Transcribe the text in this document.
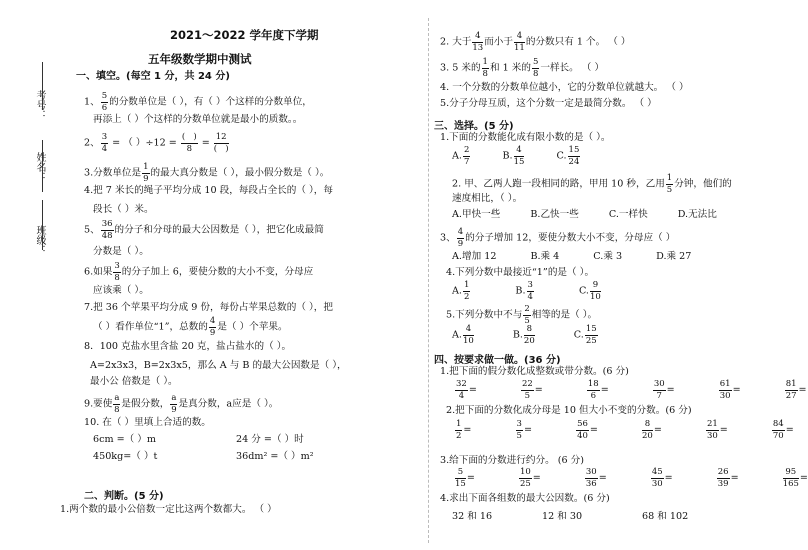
考号：
姓名：
班级：
2021～2022 学年度下学期
五年级数学期中测试
一、填空。(每空 1 分，共 24 分)
1、 $\frac{5}{6}$ 的分数单位是（ ），有（ ）个这样的分数单位，
再添上（ ）个这样的分数单位就是最小的质数。。
2、 $\frac{3}{4}$ = （ ）$\div 12 = \frac{( )}{8} = \frac{12}{( )}$
3.分数单位是 $\frac{1}{9}$ 的最大真分数是（ ），最小假分数是（ ）。
4.把 7 米长的绳子平均分成 10 段，每段占全长的（ ），每
段长（ ）米。
5、 $\frac{36}{48}$ 的分子和分母的最大公因数是（ ），把它化成最简
分数是（ ）。
6.如果 $\frac{3}{8}$ 的分子加上 6，要使分数的大小不变，分母应
应该乘（ ）。
7.把 36 个苹果平均分成 9 份，每份占苹果总数的（ ），把
（ ）看作单位“1”，总数的 $\frac{4}{9}$ 是（ ）个苹果。
8．100 克盐水里含盐 20 克，盐占盐水的（ ）。
A=2x3x3，B=2x3x5，那么 A 与 B 的最大公因数是（ ），
最小公 倍数是（ ）。
9.要使 $\frac{a}{8}$ 是假分数， $\frac{a}{9}$ 是真分数，a应是（ ）。
10. 在（ ）里填上合适的数。
6cm =（ ）m	24 分 =（ ）时
450kg=（ ）t	36dm² =（ ）m²
二、判断。(5 分)
1.两个数的最小公倍数一定比这两个数都大。 （ ）
2. 大于 $\frac{4}{13}$ 而小于 $\frac{4}{11}$ 的分数只有 1 个。 （ ）
3. 5 米的 $\frac{1}{8}$ 和 1 米的 $\frac{5}{8}$ 一样长。 （ ）
4. 一个分数的分数单位越小，它的分数单位就越大。 （ ）
5.分子分母互质，这个分数一定是最简分数。 （ ）
三、选择。(5 分)
1.下面的分数能化成有限小数的是（ ）。
A. $\frac{2}{7}$	B. $\frac{4}{15}$	C. $\frac{15}{24}$
2. 甲、乙两人跑一段相同的路，甲用 10 秒，乙用 $\frac{1}{5}$ 分钟，他们的
速度相比，（ ）。
A.甲快一些	B.乙快一些	C.一样快	D.无法比
3、 $\frac{4}{9}$ 的分子增加 12，要使分数大小不变，分母应（ ）
A.增加 12	B.乘 4	C.乘 3	D.乘 27
4.下列分数中最接近“1”的是（ ）。
A. $\frac{1}{2}$	B. $\frac{3}{4}$	C. $\frac{9}{10}$
5.下列分数中不与 $\frac{2}{5}$ 相等的是（ ）。
A. $\frac{4}{10}$	B. $\frac{8}{20}$	C. $\frac{15}{25}$
四、按要求做一做。(36 分)
1.把下面的假分数化成整数或带分数。(6 分)
$\frac{32}{4}$ =	$\frac{22}{5}$ =	$\frac{18}{6}$ =	$\frac{30}{7}$ =	$\frac{61}{30}$ =	$\frac{81}{27}$ =
2.把下面的分数化成分母是 10 但大小不变的分数。(6 分)
$\frac{1}{2}$ =	$\frac{3}{5}$ =	$\frac{56}{40}$ =	$\frac{8}{20}$ =	$\frac{21}{30}$ =	$\frac{84}{70}$ =
3.给下面的分数进行约分。 (6 分)
$\frac{5}{15}$ =	$\frac{10}{25}$ =	$\frac{30}{36}$ =	$\frac{45}{30}$ =	$\frac{26}{39}$ =	$\frac{95}{165}$ =
4.求出下面各组数的最大公因数。(6 分)
32 和 16	12 和 30	68 和 102
